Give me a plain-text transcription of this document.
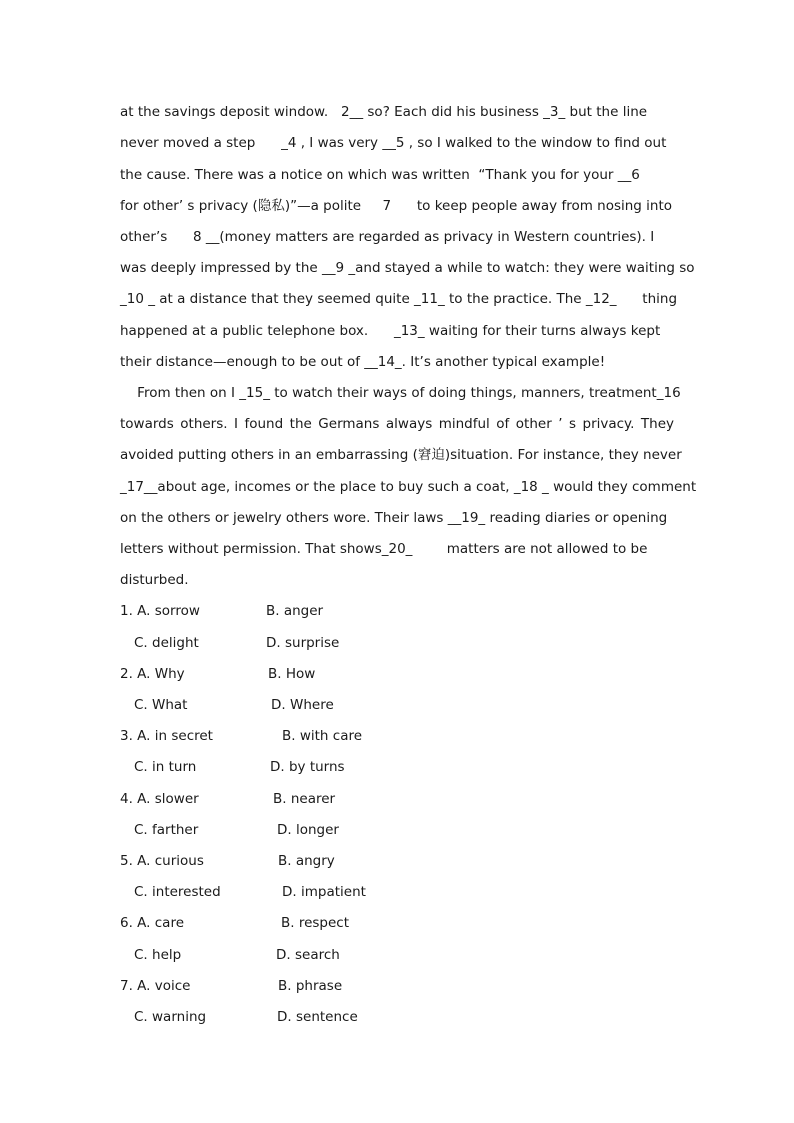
at the savings deposit window.   2__ so? Each did his business _3_ but the line
never moved a step      _4 , I was very __5 , so I walked to the window to find out
the cause. There was a notice on which was written  “Thank you for your __6
for other’ s privacy (隐私)”—a polite     7      to keep people away from nosing into
other’s      8 __(money matters are regarded as privacy in Western countries). I
was deeply impressed by the __9 _and stayed a while to watch: they were waiting so
_10 _ at a distance that they seemed quite _11_ to the practice. The _12_      thing
happened at a public telephone box.      _13_ waiting for their turns always kept
their distance—enough to be out of __14_. It’s another typical example!
From then on I _15_ to watch their ways of doing things, manners, treatment_16
towards others. I found the Germans always mindful of other ’ s privacy. They
avoided putting others in an embarrassing (窘迫)situation. For instance, they never
_17__about age, incomes or the place to buy such a coat, _18 _ would they comment
on the others or jewelry others wore. Their laws __19_ reading diaries or opening
letters without permission. That shows_20_        matters are not allowed to be
disturbed.
1. A. sorrow	B. anger
C. delight	D. surprise
2. A. Why	B. How
C. What	D. Where
3. A. in secret	B. with care
C. in turn	D. by turns
4. A. slower	B. nearer
C. farther	D. longer
5. A. curious	B. angry
C. interested	D. impatient
6. A. care	B. respect
C. help	D. search
7. A. voice	B. phrase
C. warning	D. sentence
